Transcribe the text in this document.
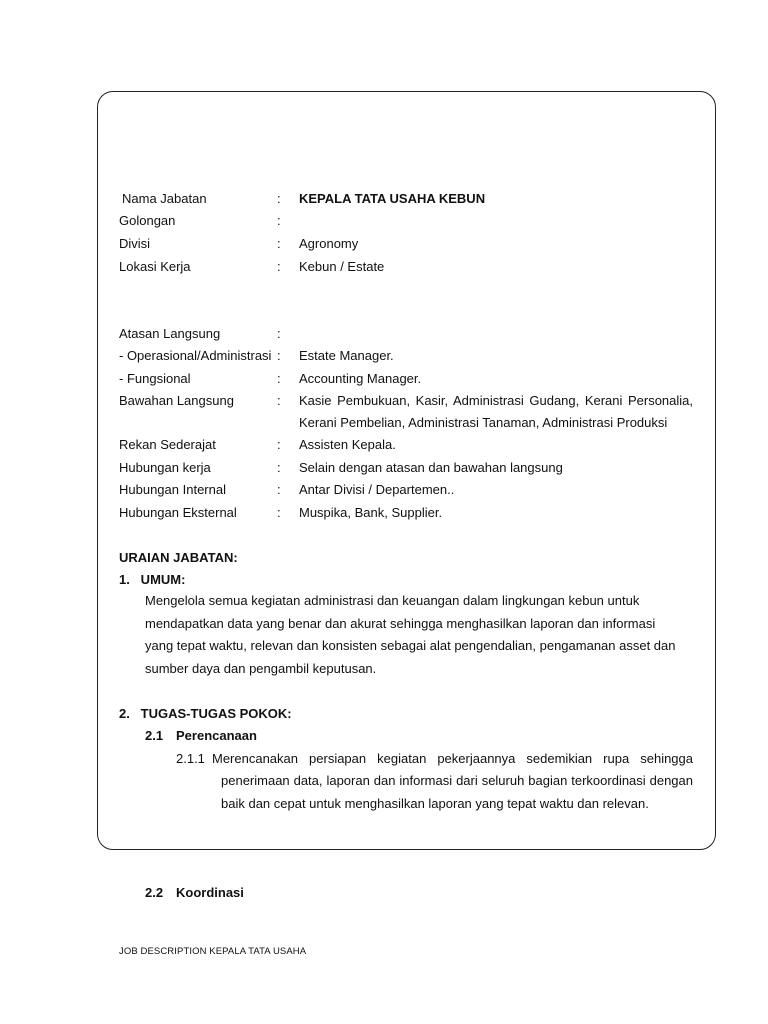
Nama Jabatan	: KEPALA TATA USAHA KEBUN
Golongan	:
Divisi	: Agronomy
Lokasi Kerja	: Kebun / Estate
Atasan Langsung	:
- Operasional/Administrasi : Estate Manager.
- Fungsional	: Accounting Manager.
Bawahan Langsung	: Kasie Pembukuan, Kasir, Administrasi Gudang, Kerani Personalia,
Kerani Pembelian, Administrasi Tanaman, Administrasi Produksi
Rekan Sederajat	: Assisten Kepala.
Hubungan kerja	: Selain dengan atasan dan bawahan langsung
Hubungan Internal	: Antar Divisi / Departemen..
Hubungan Eksternal	: Muspika, Bank, Supplier.
URAIAN JABATAN:
1.   UMUM:
Mengelola semua kegiatan administrasi dan keuangan dalam lingkungan kebun untuk mendapatkan data yang benar dan akurat sehingga menghasilkan laporan dan informasi yang tepat waktu, relevan dan konsisten sebagai alat pengendalian, pengamanan asset dan sumber daya dan pengambil keputusan.
2.   TUGAS-TUGAS POKOK:
2.1 Perencanaan
2.1.1 Merencanakan persiapan kegiatan pekerjaannya sedemikian rupa sehingga
penerimaan data, laporan dan informasi dari seluruh bagian terkoordinasi dengan
baik dan cepat untuk menghasilkan laporan yang tepat waktu dan relevan.
2.2 Koordinasi
JOB DESCRIPTION KEPALA TATA USAHA
